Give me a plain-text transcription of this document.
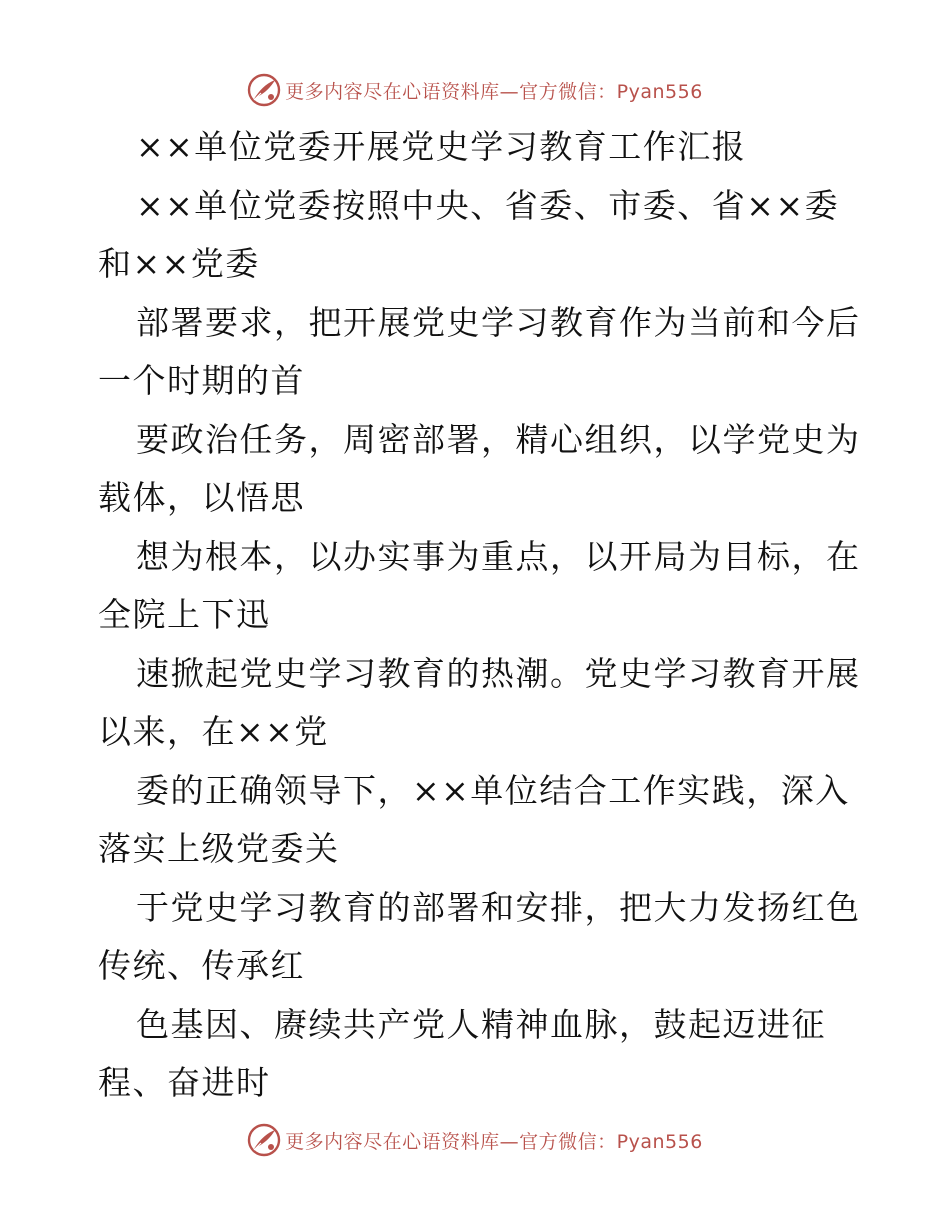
更多内容尽在心语资料库—官方微信：Pyan556
××单位党委开展党史学习教育工作汇报
××单位党委按照中央、省委、市委、省××委
和××党委
部署要求，把开展党史学习教育作为当前和今后
一个时期的首
要政治任务，周密部署，精心组织，以学党史为
载体，以悟思
想为根本，以办实事为重点，以开局为目标，在
全院上下迅
速掀起党史学习教育的热潮。党史学习教育开展
以来，在××党
委的正确领导下，××单位结合工作实践，深入
落实上级党委关
于党史学习教育的部署和安排，把大力发扬红色
传统、传承红
色基因、赓续共产党人精神血脉，鼓起迈进征
程、奋进时
更多内容尽在心语资料库—官方微信：Pyan556
